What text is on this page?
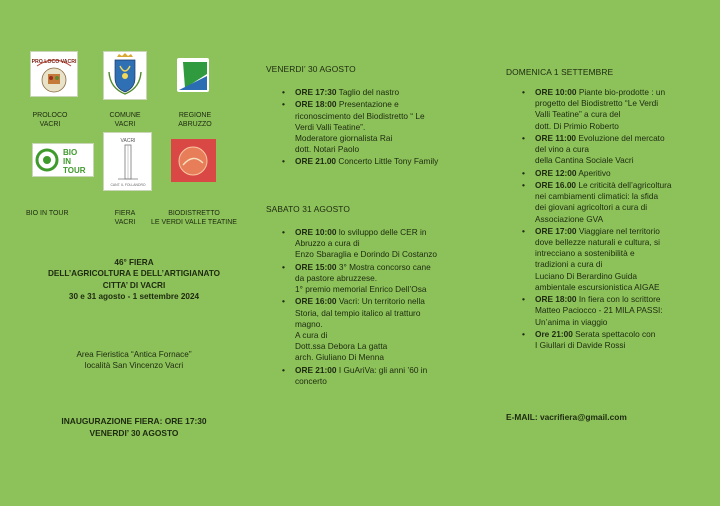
PRO LOCO VACRI
PROLOCO
VACRI
COMUNE
VACRI
REGIONE
ABRUZZO
BIO
IN
TOUR
BIO IN TOUR
VACRI
CANT. IL FOLLANDRO
FIERA
VACRI
BIODISTRETTO
LE VERDI VALLE TEATINE
46° FIERA
DELL’AGRICOLTURA E DELL’ARTIGIANATO
CITTA’ DI VACRI
30 e 31 agosto - 1 settembre 2024
Area Fieristica “Antica Fornace”
località San Vincenzo Vacri
INAUGURAZIONE FIERA: ORE 17:30
VENERDI’ 30 AGOSTO
VENERDI’ 30 AGOSTO
• ORE 17:30 Taglio del nastro
• ORE 18:00 Presentazione e
riconoscimento del Biodistretto “ Le
Verdi Valli Teatine”.
Moderatore giornalista Rai
dott. Notari Paolo
• ORE 21.00 Concerto Little Tony Family
SABATO 31 AGOSTO
• ORE 10:00 lo sviluppo delle CER in
Abruzzo a cura di
Enzo Sbaraglia e Dorindo Di Costanzo
• ORE 15:00 3° Mostra concorso cane
da pastore abruzzese.
1° premio memorial Enrico Dell’Osa
• ORE 16:00 Vacri: Un territorio nella
Storia, dal tempio italico al tratturo
magno.
A cura di
Dott.ssa Debora La gatta
arch. Giuliano Di Menna
• ORE 21:00 I GuAriVa: gli anni ’60 in
concerto
DOMENICA 1 SETTEMBRE
• ORE 10:00 Piante bio-prodotte : un
progetto del Biodistretto “Le Verdi
Valli Teatine” a cura del
dott. Di Primio Roberto
• ORE 11:00 Evoluzione del mercato
del vino a cura
della Cantina Sociale Vacri
• ORE 12:00 Aperitivo
• ORE 16.00 Le criticità dell’agricoltura
nei cambiamenti climatici: la sfida
dei giovani agricoltori a cura di
Associazione GVA
• ORE 17:00 Viaggiare nel territorio
dove bellezze naturali e cultura, si
intrecciano a sostenibilità e
tradizioni a cura di
Luciano Di Berardino Guida
ambientale escursionistica AIGAE
• ORE 18:00 In fiera con lo scrittore
Matteo Paciocco - 21 MILA PASSI:
Un’anima in viaggio
• Ore 21:00 Serata spettacolo con
I Giullari di Davide Rossi
E-MAIL: vacrifiera@gmail.com
